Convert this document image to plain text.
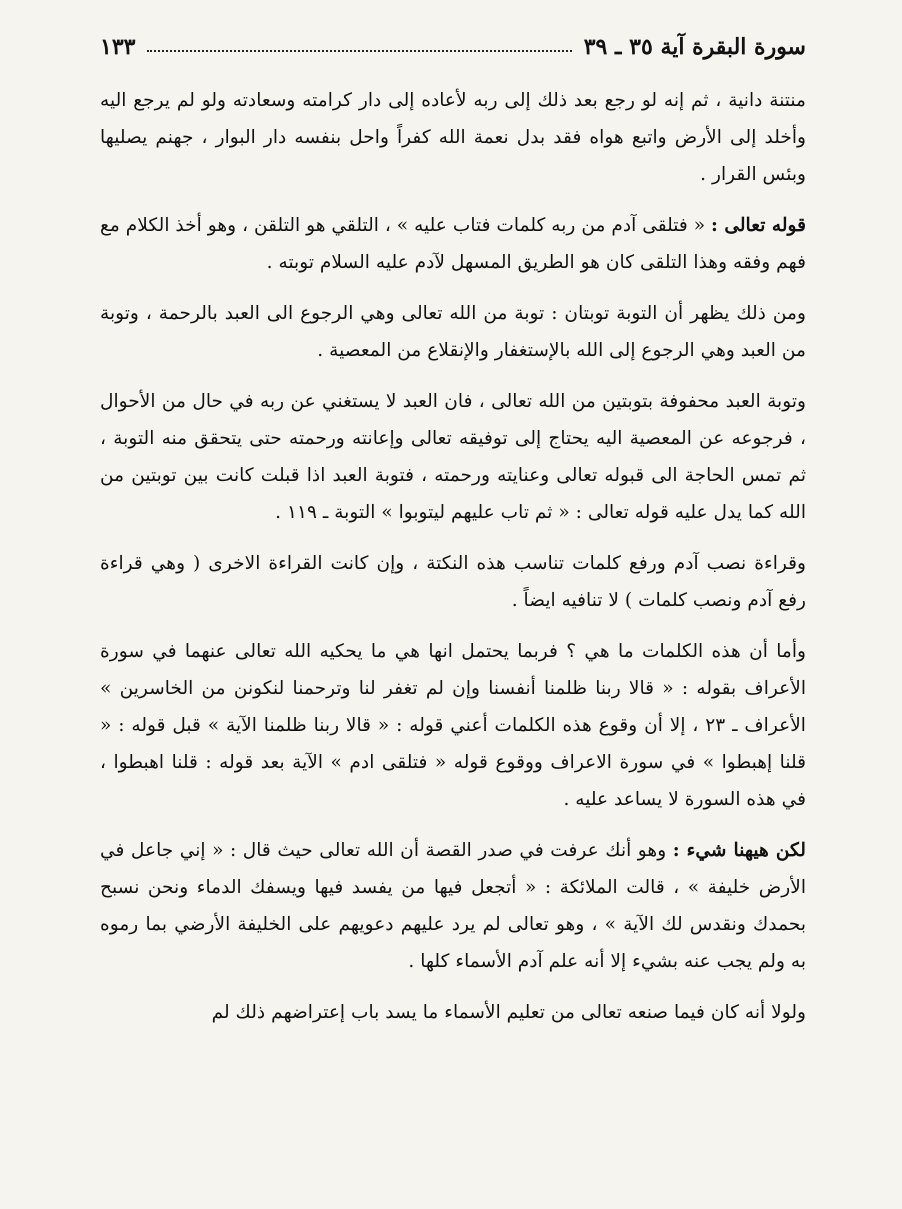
سورة البقرة آية ٣٥ ـ ٣٩
١٣٣

منتنة دانية ، ثم إنه لو رجع بعد ذلك إلى ربه لأعاده إلى دار كرامته وسعادته ولو لم يرجع اليه وأخلد إلى الأرض واتبع هواه فقد بدل نعمة الله كفراً واحل بنفسه دار البوار ، جهنم يصليها وبئس القرار .

قوله تعالى : « فتلقى آدم من ربه كلمات فتاب عليه » ، التلقي هو التلقن ، وهو أخذ الكلام مع فهم وفقه وهذا التلقى كان هو الطريق المسهل لآدم عليه السلام توبته .

ومن ذلك يظهر أن التوبة توبتان : توبة من الله تعالى وهي الرجوع الى العبد بالرحمة ، وتوبة من العبد وهي الرجوع إلى الله بالإستغفار والإنقلاع من المعصية .

وتوبة العبد محفوفة بتوبتين من الله تعالى ، فان العبد لا يستغني عن ربه في حال من الأحوال ، فرجوعه عن المعصية اليه يحتاج إلى توفيقه تعالى وإعانته ورحمته حتى يتحقق منه التوبة ، ثم تمس الحاجة الى قبوله تعالى وعنايته ورحمته ، فتوبة العبد اذا قبلت كانت بين توبتين من الله كما يدل عليه قوله تعالى : « ثم تاب عليهم ليتوبوا » التوبة ـ ١١٩ .

وقراءة نصب آدم ورفع كلمات تناسب هذه النكتة ، وإن كانت القراءة الاخرى ( وهي قراءة رفع آدم ونصب كلمات ) لا تنافيه ايضاً .

وأما أن هذه الكلمات ما هي ؟ فربما يحتمل انها هي ما يحكيه الله تعالى عنهما في سورة الأعراف بقوله : « قالا ربنا ظلمنا أنفسنا وإن لم تغفر لنا وترحمنا لنكونن من الخاسرين » الأعراف ـ ٢٣ ، إلا أن وقوع هذه الكلمات أعني قوله : « قالا ربنا ظلمنا الآية » قبل قوله : « قلنا إهبطوا » في سورة الاعراف ووقوع قوله « فتلقى ادم » الآية بعد قوله : قلنا اهبطوا ، في هذه السورة لا يساعد عليه .

لكن هيهنا شيء : وهو أنك عرفت في صدر القصة أن الله تعالى حيث قال : « إني جاعل في الأرض خليفة » ، قالت الملائكة : « أتجعل فيها من يفسد فيها ويسفك الدماء ونحن نسبح بحمدك ونقدس لك الآية » ، وهو تعالى لم يرد عليهم دعويهم على الخليفة الأرضي بما رموه به ولم يجب عنه بشيء إلا أنه علم آدم الأسماء كلها .

ولولا أنه كان فيما صنعه تعالى من تعليم الأسماء ما يسد باب إعتراضهم ذلك لم
